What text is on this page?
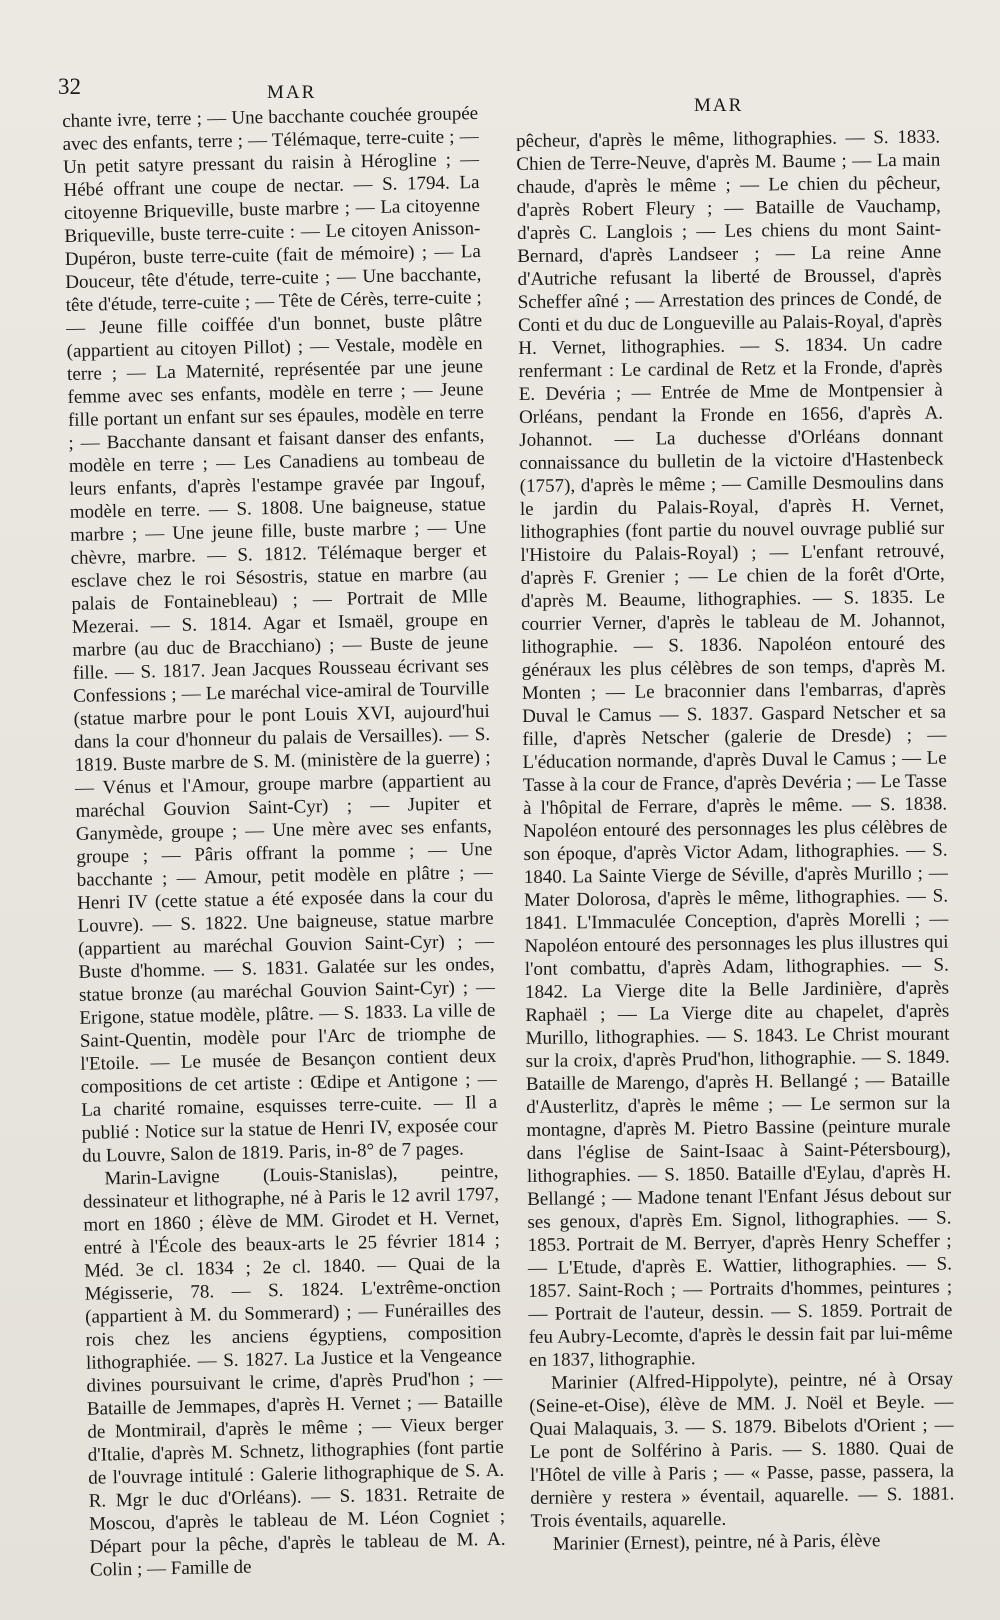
32	MAR
MAR

chante ivre, terre ; — Une bacchante couchée groupée avec des enfants, terre ; — Télémaque, terre-cuite ; — Un petit satyre pressant du raisin à Hérogline ; — Hébé offrant une coupe de nectar. — S. 1794. La citoyenne Briqueville, buste marbre ; — La citoyenne Briqueville, buste terre-cuite : — Le citoyen Anisson-Dupéron, buste terre-cuite (fait de mémoire) ; — La Douceur, tête d'étude, terre-cuite ; — Une bacchante, tête d'étude, terre-cuite ; — Tête de Cérès, terre-cuite ; — Jeune fille coiffée d'un bonnet, buste plâtre (appartient au citoyen Pillot) ; — Vestale, modèle en terre ; — La Maternité, représentée par une jeune femme avec ses enfants, modèle en terre ; — Jeune fille portant un enfant sur ses épaules, modèle en terre ; — Bacchante dansant et faisant danser des enfants, modèle en terre ; — Les Canadiens au tombeau de leurs enfants, d'après l'estampe gravée par Ingouf, modèle en terre. — S. 1808. Une baigneuse, statue marbre ; — Une jeune fille, buste marbre ; — Une chèvre, marbre. — S. 1812. Télémaque berger et esclave chez le roi Sésostris, statue en marbre (au palais de Fontainebleau) ; — Portrait de Mlle Mezerai. — S. 1814. Agar et Ismaël, groupe en marbre (au duc de Bracchiano) ; — Buste de jeune fille. — S. 1817. Jean Jacques Rousseau écrivant ses Confessions ; — Le maréchal vice-amiral de Tourville (statue marbre pour le pont Louis XVI, aujourd'hui dans la cour d'honneur du palais de Versailles). — S. 1819. Buste marbre de S. M. (ministère de la guerre) ; — Vénus et l'Amour, groupe marbre (appartient au maréchal Gouvion Saint-Cyr) ; — Jupiter et Ganymède, groupe ; — Une mère avec ses enfants, groupe ; — Pâris offrant la pomme ; — Une bacchante ; — Amour, petit modèle en plâtre ; — Henri IV (cette statue a été exposée dans la cour du Louvre). — S. 1822. Une baigneuse, statue marbre (appartient au maréchal Gouvion Saint-Cyr) ; — Buste d'homme. — S. 1831. Galatée sur les ondes, statue bronze (au maréchal Gouvion Saint-Cyr) ; — Erigone, statue modèle, plâtre. — S. 1833. La ville de Saint-Quentin, modèle pour l'Arc de triomphe de l'Etoile. — Le musée de Besançon contient deux compositions de cet artiste : Œdipe et Antigone ; — La charité romaine, esquisses terre-cuite. — Il a publié : Notice sur la statue de Henri IV, exposée cour du Louvre, Salon de 1819. Paris, in-8° de 7 pages.

Marin-Lavigne (Louis-Stanislas), peintre, dessinateur et lithographe, né à Paris le 12 avril 1797, mort en 1860 ; élève de MM. Girodet et H. Vernet, entré à l'École des beaux-arts le 25 février 1814 ; Méd. 3e cl. 1834 ; 2e cl. 1840. — Quai de la Mégisserie, 78. — S. 1824. L'extrême-onction (appartient à M. du Sommerard) ; — Funérailles des rois chez les anciens égyptiens, composition lithographiée. — S. 1827. La Justice et la Vengeance divines poursuivant le crime, d'après Prud'hon ; — Bataille de Jemmapes, d'après H. Vernet ; — Bataille de Montmirail, d'après le même ; — Vieux berger d'Italie, d'après M. Schnetz, lithographies (font partie de l'ouvrage intitulé : Galerie lithographique de S. A. R. Mgr le duc d'Orléans). — S. 1831. Retraite de Moscou, d'après le tableau de M. Léon Cogniet ; Départ pour la pêche, d'après le tableau de M. A. Colin ; — Famille de

pêcheur, d'après le même, lithographies. — S. 1833. Chien de Terre-Neuve, d'après M. Baume ; — La main chaude, d'après le même ; — Le chien du pêcheur, d'après Robert Fleury ; — Bataille de Vauchamp, d'après C. Langlois ; — Les chiens du mont Saint-Bernard, d'après Landseer ; — La reine Anne d'Autriche refusant la liberté de Broussel, d'après Scheffer aîné ; — Arrestation des princes de Condé, de Conti et du duc de Longueville au Palais-Royal, d'après H. Vernet, lithographies. — S. 1834. Un cadre renfermant : Le cardinal de Retz et la Fronde, d'après E. Devéria ; — Entrée de Mme de Montpensier à Orléans, pendant la Fronde en 1656, d'après A. Johannot. — La duchesse d'Orléans donnant connaissance du bulletin de la victoire d'Hastenbeck (1757), d'après le même ; — Camille Desmoulins dans le jardin du Palais-Royal, d'après H. Vernet, lithographies (font partie du nouvel ouvrage publié sur l'Histoire du Palais-Royal) ; — L'enfant retrouvé, d'après F. Grenier ; — Le chien de la forêt d'Orte, d'après M. Beaume, lithographies. — S. 1835. Le courrier Verner, d'après le tableau de M. Johannot, lithographie. — S. 1836. Napoléon entouré des généraux les plus célèbres de son temps, d'après M. Monten ; — Le braconnier dans l'embarras, d'après Duval le Camus — S. 1837. Gaspard Netscher et sa fille, d'après Netscher (galerie de Dresde) ; — L'éducation normande, d'après Duval le Camus ; — Le Tasse à la cour de France, d'après Devéria ; — Le Tasse à l'hôpital de Ferrare, d'après le même. — S. 1838. Napoléon entouré des personnages les plus célèbres de son époque, d'après Victor Adam, lithographies. — S. 1840. La Sainte Vierge de Séville, d'après Murillo ; — Mater Dolorosa, d'après le même, lithographies. — S. 1841. L'Immaculée Conception, d'après Morelli ; — Napoléon entouré des personnages les plus illustres qui l'ont combattu, d'après Adam, lithographies. — S. 1842. La Vierge dite la Belle Jardinière, d'après Raphaël ; — La Vierge dite au chapelet, d'après Murillo, lithographies. — S. 1843. Le Christ mourant sur la croix, d'après Prud'hon, lithographie. — S. 1849. Bataille de Marengo, d'après H. Bellangé ; — Bataille d'Austerlitz, d'après le même ; — Le sermon sur la montagne, d'après M. Pietro Bassine (peinture murale dans l'église de Saint-Isaac à Saint-Pétersbourg), lithographies. — S. 1850. Bataille d'Eylau, d'après H. Bellangé ; — Madone tenant l'Enfant Jésus debout sur ses genoux, d'après Em. Signol, lithographies. — S. 1853. Portrait de M. Berryer, d'après Henry Scheffer ; — L'Etude, d'après E. Wattier, lithographies. — S. 1857. Saint-Roch ; — Portraits d'hommes, peintures ; — Portrait de l'auteur, dessin. — S. 1859. Portrait de feu Aubry-Lecomte, d'après le dessin fait par lui-même en 1837, lithographie.

Marinier (Alfred-Hippolyte), peintre, né à Orsay (Seine-et-Oise), élève de MM. J. Noël et Beyle. — Quai Malaquais, 3. — S. 1879. Bibelots d'Orient ; — Le pont de Solférino à Paris. — S. 1880. Quai de l'Hôtel de ville à Paris ; — « Passe, passe, passera, la dernière y restera » éventail, aquarelle. — S. 1881. Trois éventails, aquarelle.

Marinier (Ernest), peintre, né à Paris, élève
